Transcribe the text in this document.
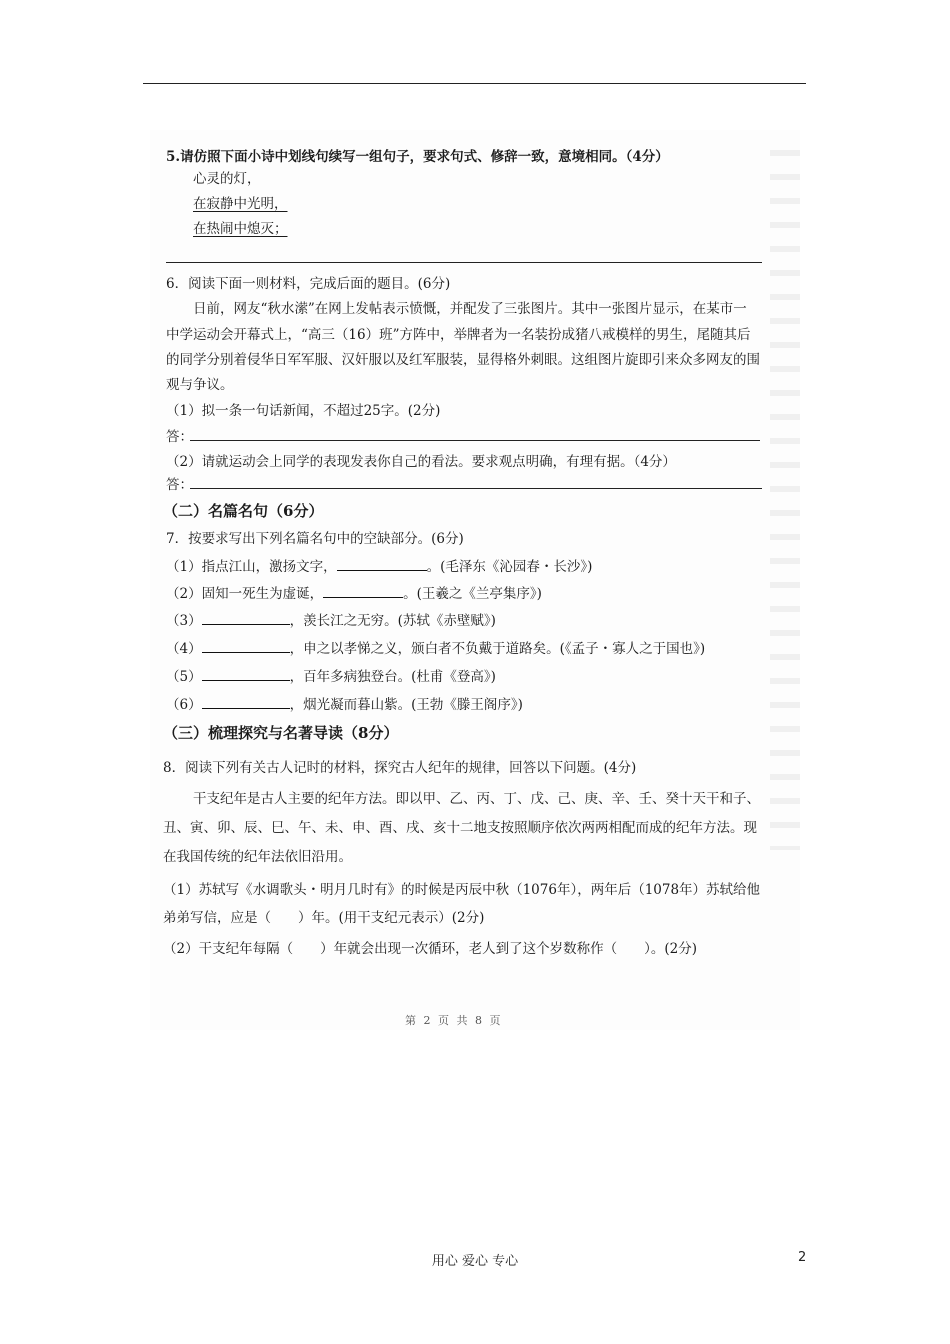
5.请仿照下面小诗中划线句续写一组句子，要求句式、修辞一致，意境相同。（4分）
心灵的灯，
在寂静中光明，
在热闹中熄灭；
6．阅读下面一则材料，完成后面的题目。(6分)
日前，网友“秋水潆”在网上发帖表示愤慨，并配发了三张图片。其中一张图片显示，在某市一
中学运动会开幕式上，“高三（16）班”方阵中，举牌者为一名装扮成猪八戒模样的男生，尾随其后
的同学分别着侵华日军军服、汉奸服以及红军服装，显得格外刺眼。这组图片旋即引来众多网友的围
观与争议。
（1）拟一条一句话新闻，不超过25字。(2分)
答：
（2）请就运动会上同学的表现发表你自己的看法。要求观点明确，有理有据。（4分）
答：
（二）名篇名句（6分）
7．按要求写出下列名篇名句中的空缺部分。(6分)
（1）指点江山，激扬文字，	。(毛泽东《沁园春・长沙》)
（2）固知一死生为虚诞，	。(王羲之《兰亭集序》)
（3）	，羡长江之无穷。(苏轼《赤壁赋》)
（4）	，申之以孝悌之义，颁白者不负戴于道路矣。(《孟子・寡人之于国也》)
（5）	，百年多病独登台。(杜甫《登高》)
（6）	，烟光凝而暮山紫。(王勃《滕王阁序》)
（三）梳理探究与名著导读（8分）
8．阅读下列有关古人记时的材料，探究古人纪年的规律，回答以下问题。(4分)
干支纪年是古人主要的纪年方法。即以甲、乙、丙、丁、戊、己、庚、辛、壬、癸十天干和子、
丑、寅、卯、辰、巳、午、未、申、酉、戌、亥十二地支按照顺序依次两两相配而成的纪年方法。现
在我国传统的纪年法依旧沿用。
（1）苏轼写《水调歌头・明月几时有》的时候是丙辰中秋（1076年），两年后（1078年）苏轼给他
弟弟写信，应是（　　）年。(用干支纪元表示）(2分)
（2）干支纪年每隔（　　）年就会出现一次循环，老人到了这个岁数称作（　　）。(2分)
第 2 页 共 8 页
用心 爱心 专心	2
